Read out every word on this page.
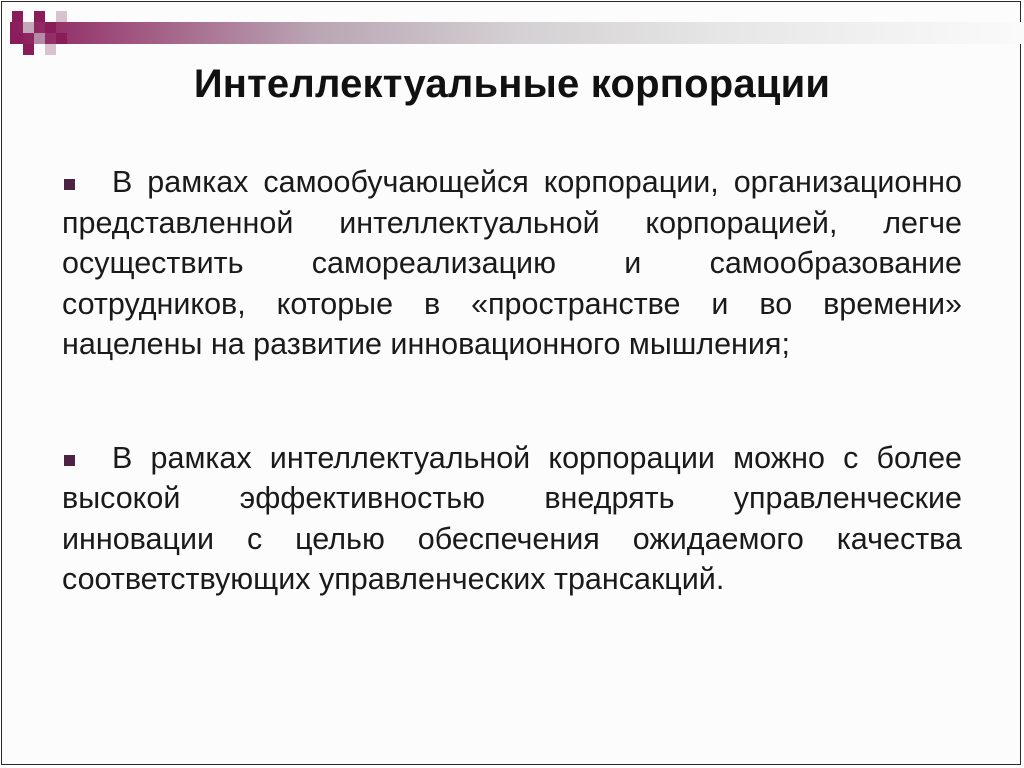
Интеллектуальные корпорации

В рамках самообучающейся корпорации, организационно представленной интеллектуальной корпорацией, легче осуществить самореализацию и самообразование сотрудников, которые в «пространстве и во времени» нацелены на развитие инновационного мышления;

В рамках интеллектуальной корпорации можно с более высокой эффективностью внедрять управленческие инновации с целью обеспечения ожидаемого качества соответствующих управленческих трансакций.
